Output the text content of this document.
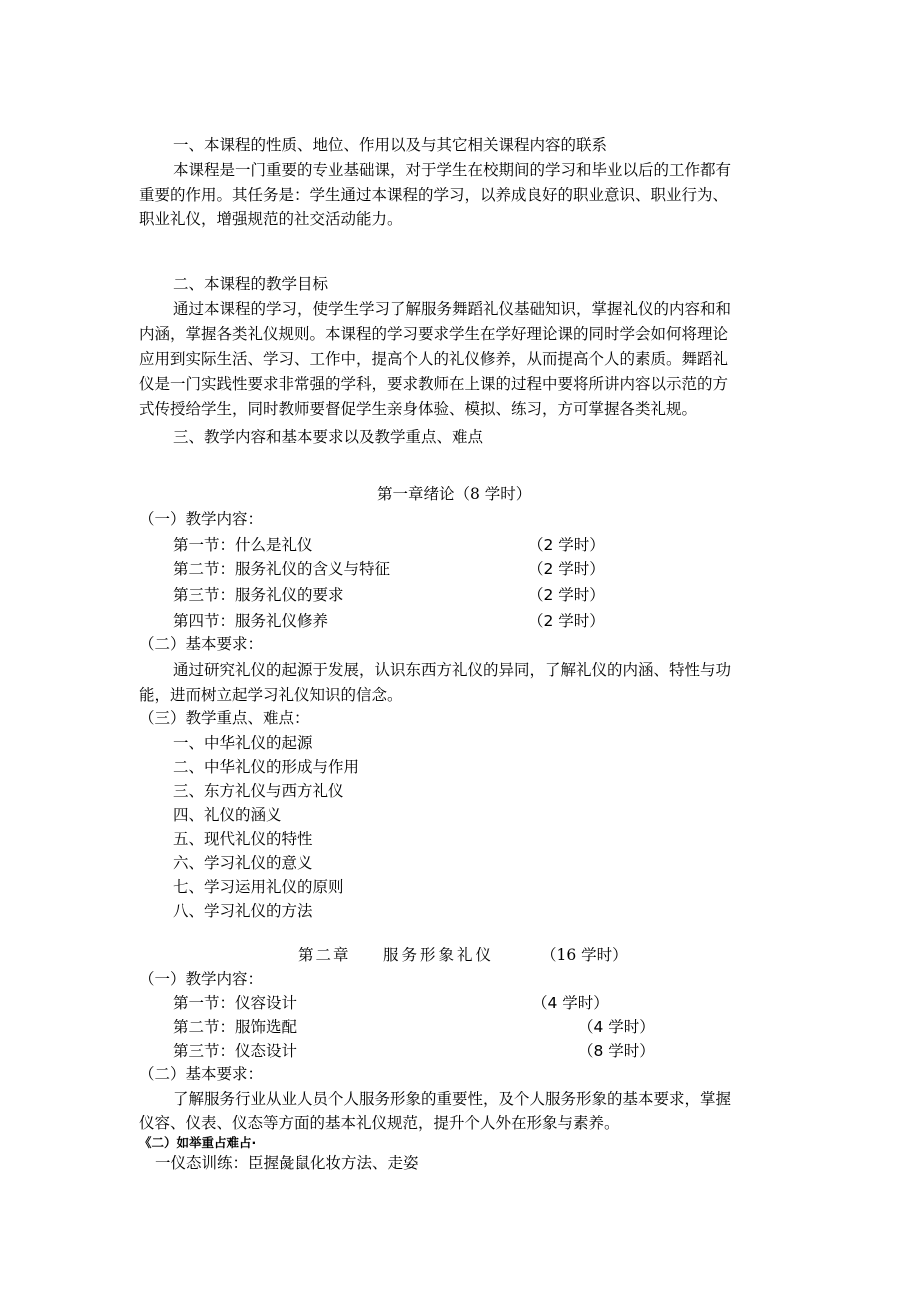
一、本课程的性质、地位、作用以及与其它相关课程内容的联系
本课程是一门重要的专业基础课，对于学生在校期间的学习和毕业以后的工作都有
重要的作用。其任务是：学生通过本课程的学习，以养成良好的职业意识、职业行为、
职业礼仪，增强规范的社交活动能力。
二、本课程的教学目标
通过本课程的学习，使学生学习了解服务舞蹈礼仪基础知识，掌握礼仪的内容和和
内涵，掌握各类礼仪规则。本课程的学习要求学生在学好理论课的同时学会如何将理论
应用到实际生活、学习、工作中，提高个人的礼仪修养，从而提高个人的素质。舞蹈礼
仪是一门实践性要求非常强的学科，要求教师在上课的过程中要将所讲内容以示范的方
式传授给学生，同时教师要督促学生亲身体验、模拟、练习，方可掌握各类礼规。
三、教学内容和基本要求以及教学重点、难点
第一章绪论（8 学时）
（一）教学内容：
第一节：什么是礼仪	（2 学时）
第二节：服务礼仪的含义与特征	（2 学时）
第三节：服务礼仪的要求	（2 学时）
第四节：服务礼仪修养	（2 学时）
（二）基本要求：
通过研究礼仪的起源于发展，认识东西方礼仪的异同，了解礼仪的内涵、特性与功
能，进而树立起学习礼仪知识的信念。
（三）教学重点、难点：
一、中华礼仪的起源
二、中华礼仪的形成与作用
三、东方礼仪与西方礼仪
四、礼仪的涵义
五、现代礼仪的特性
六、学习礼仪的意义
七、学习运用礼仪的原则
八、学习礼仪的方法
第二章 服务形象礼仪	（16 学时）
（一）教学内容：
第一节：仪容设计	（4 学时）
第二节：服饰选配	（4 学时）
第三节：仪态设计	（8 学时）
（二）基本要求：
了解服务行业从业人员个人服务形象的重要性，及个人服务形象的基本要求，掌握
仪容、仪表、仪态等方面的基本礼仪规范，提升个人外在形象与素养。
《二）如举重占难占·
一仪态训练：臣握彘鼠化妆方法、走姿
